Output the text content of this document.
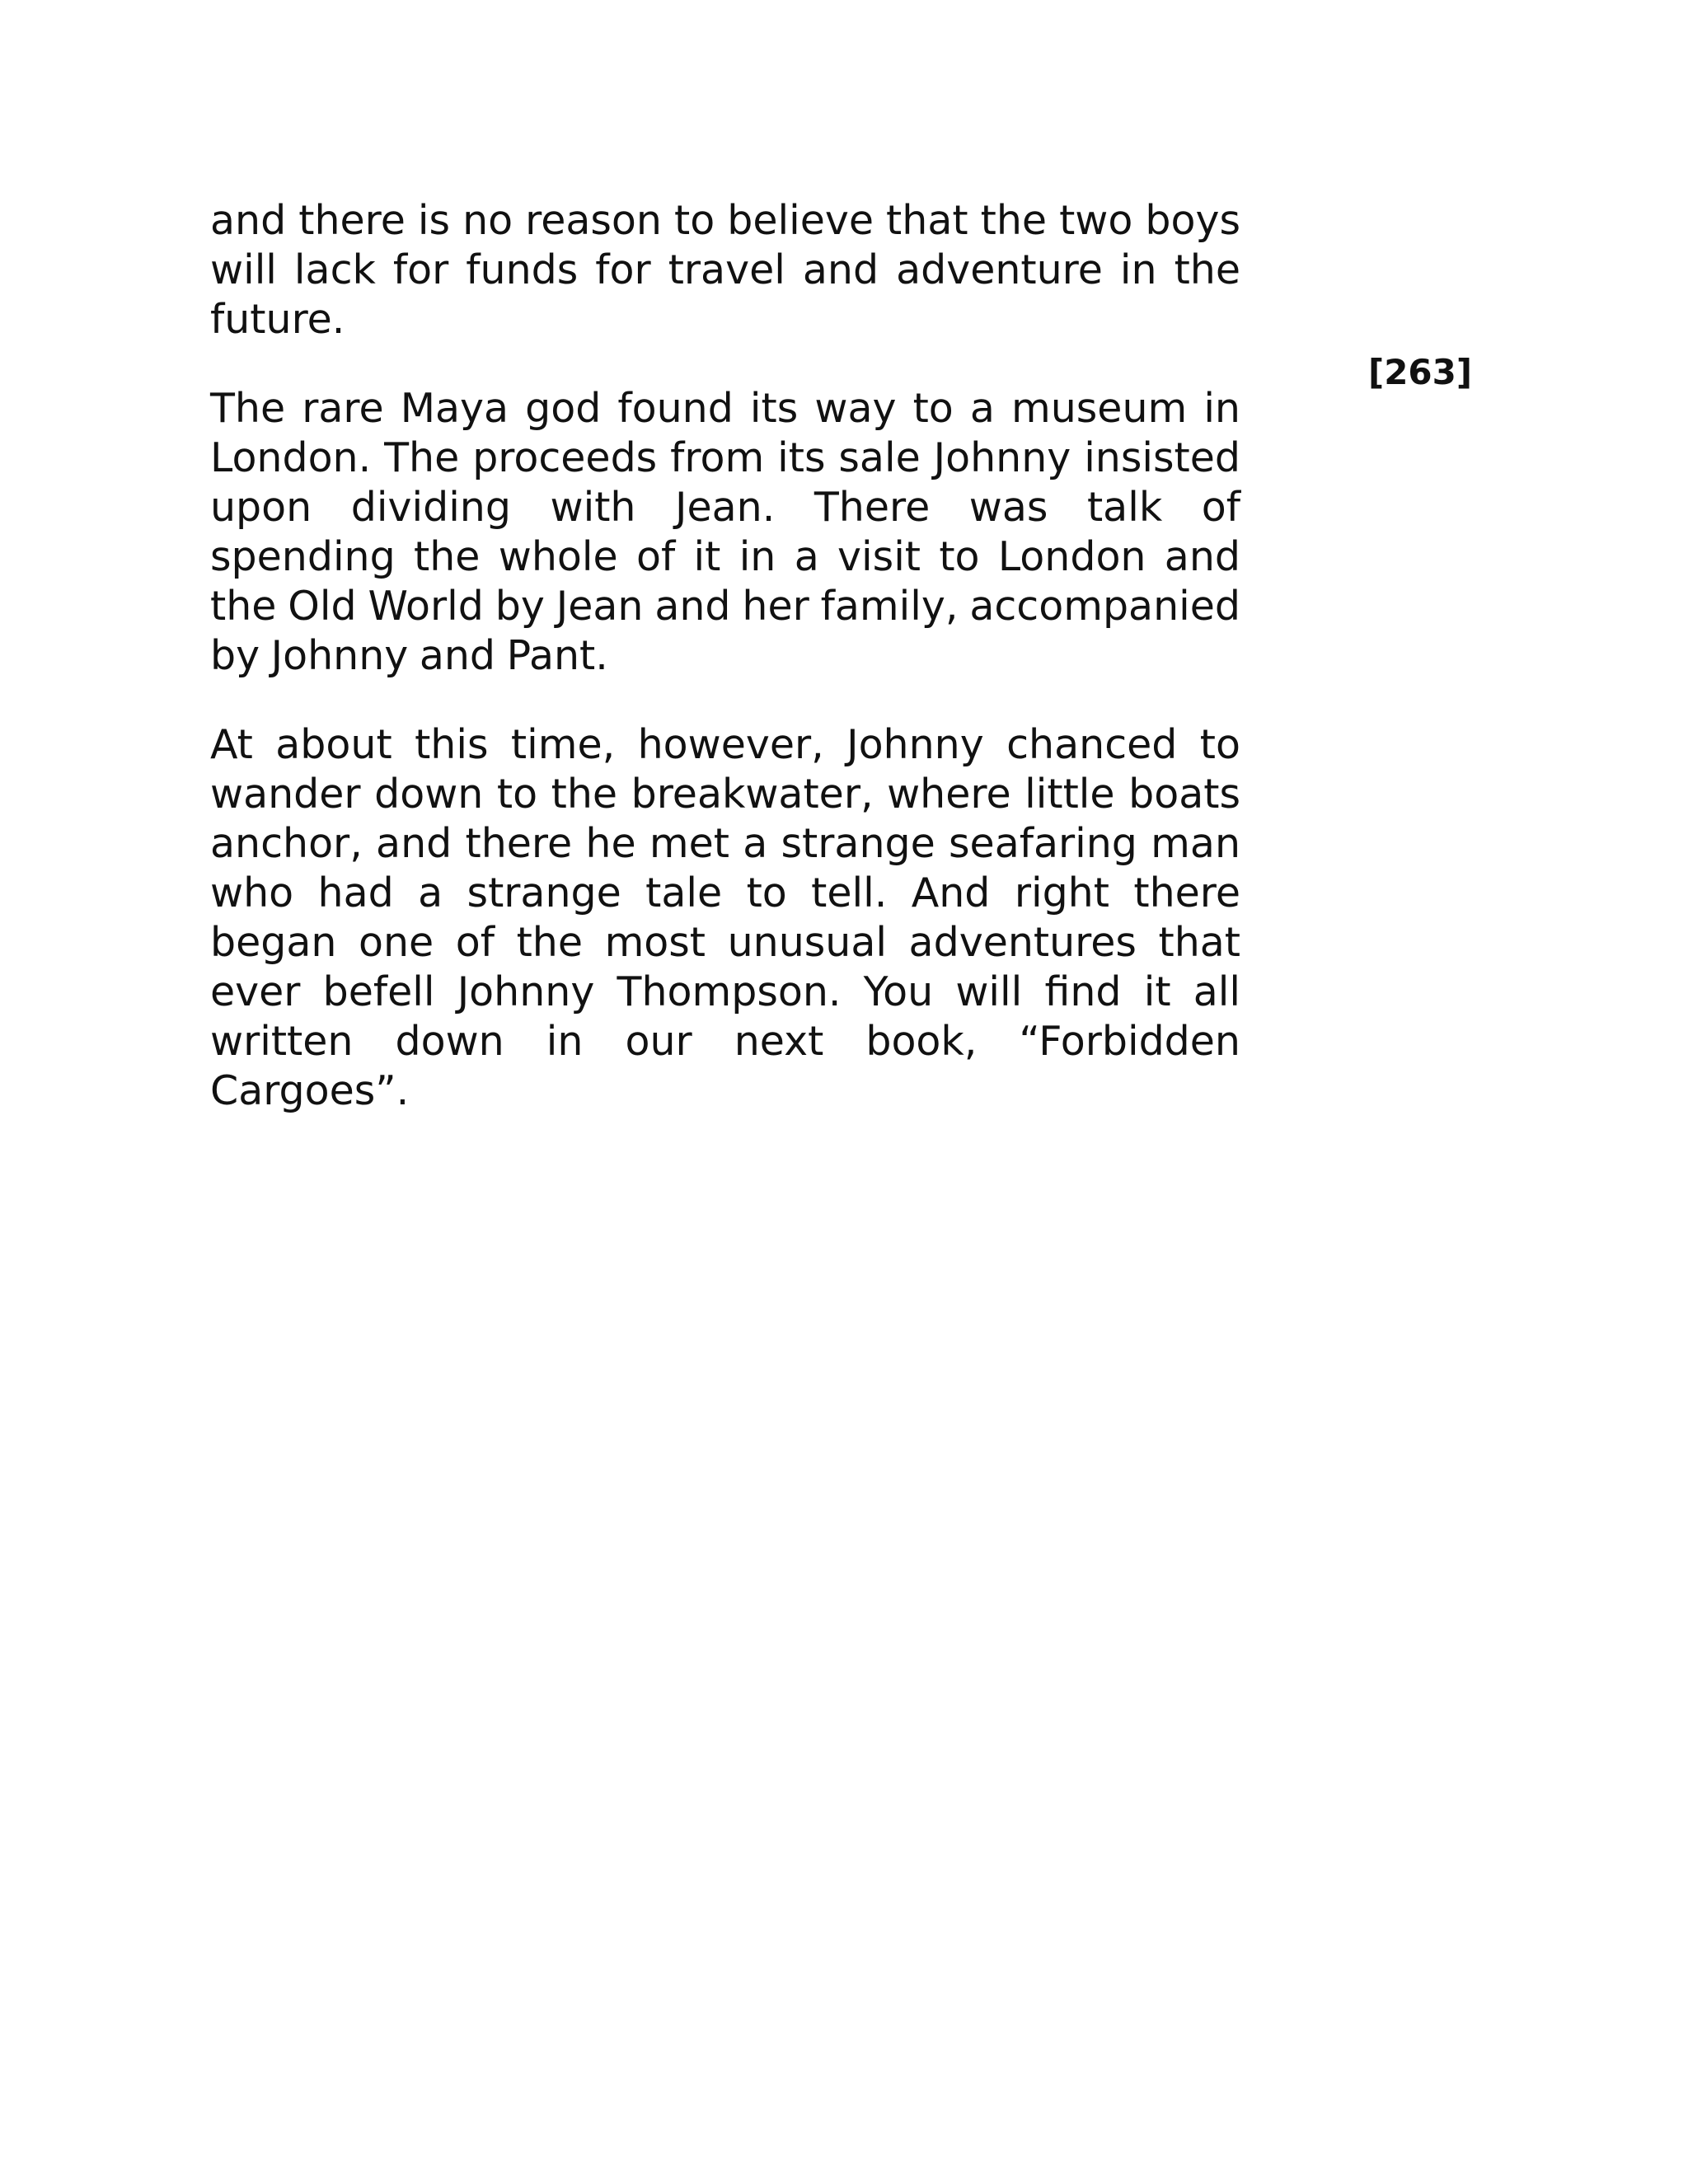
and there is no reason to believe that the two boys will lack for funds for travel and adventure in the future.

The rare Maya god found its way to a museum in London. The proceeds from its sale Johnny insisted upon dividing with Jean. There was talk of spending the whole of it in a visit to London and the Old World by Jean and her family, accompanied by Johnny and Pant.

At about this time, however, Johnny chanced to wander down to the breakwater, where little boats anchor, and there he met a strange seafaring man who had a strange tale to tell. And right there began one of the most unusual adventures that ever befell Johnny Thompson. You will find it all written down in our next book, “Forbidden Cargoes”.

[263]
